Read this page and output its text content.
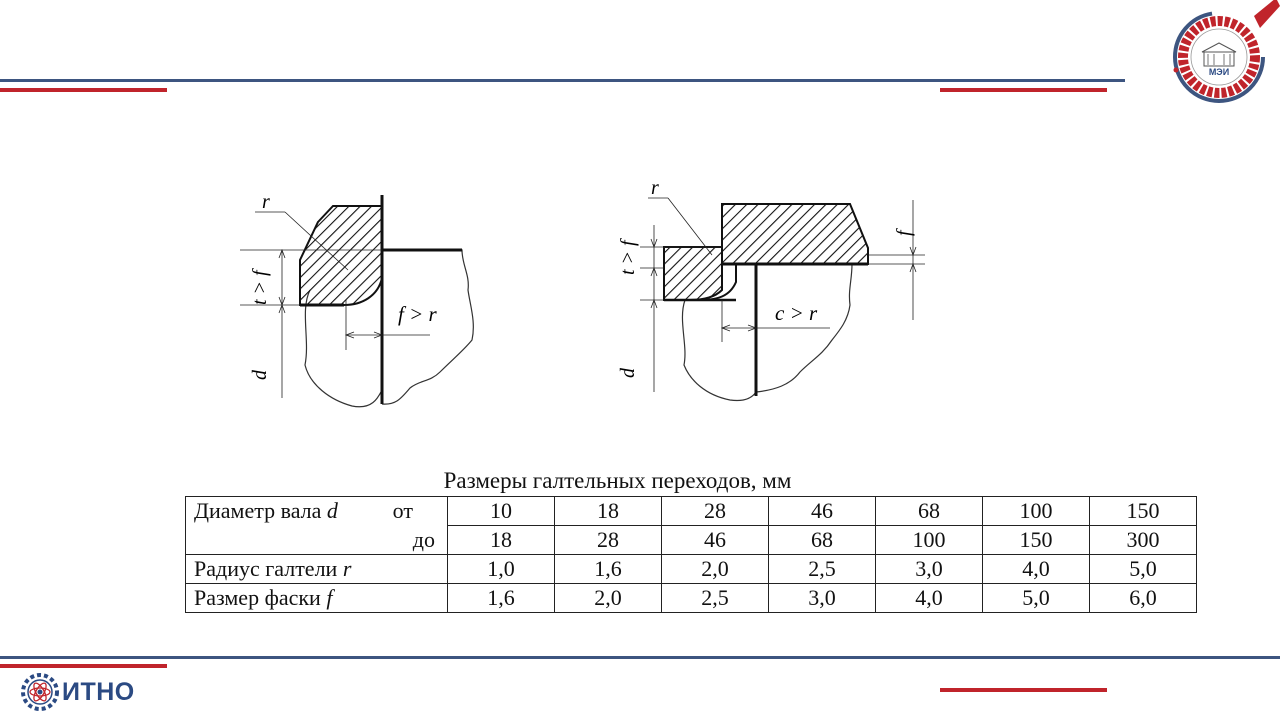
МЭИ
r
f > r
t > f
d
r
c > r
t > f
d
f
Размеры галтельных переходов, мм
Диаметр вала d от	10	18	28	46	68	100	150

до	18	28	46	68	100	150	300
Радиус галтели r	1,0	1,6	2,0	2,5	3,0	4,0	5,0
Размер фаски f	1,6	2,0	2,5	3,0	4,0	5,0	6,0
ИТНО
